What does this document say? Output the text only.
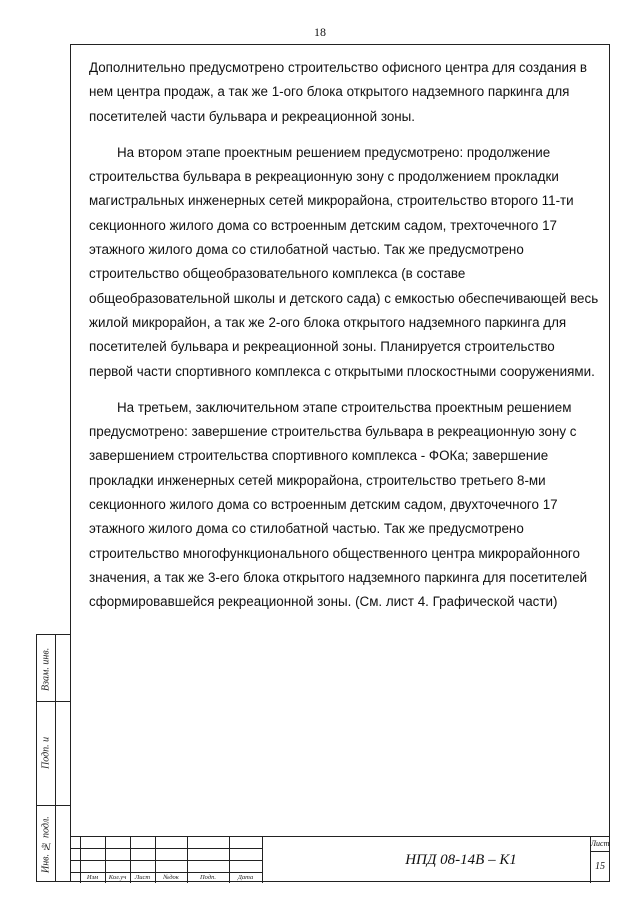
18

Дополнительно предусмотрено строительство офисного центра для создания в нем центра продаж, а так же 1-ого блока открытого надземного паркинга для посетителей части бульвара и рекреационной зоны.

На втором этапе проектным решением предусмотрено: продолжение строительства бульвара в рекреационную зону с продолжением прокладки магистральных инженерных сетей микрорайона, строительство второго 11-ти секционного жилого дома со встроенным детским садом, трехточечного 17 этажного жилого дома со стилобатной частью. Так же предусмотрено строительство общеобразовательного комплекса (в составе общеобразовательной школы и детского сада) с емкостью обеспечивающей весь жилой микрорайон, а так же 2-ого блока открытого надземного паркинга для посетителей бульвара и рекреационной зоны. Планируется строительство первой части спортивного комплекса с открытыми плоскостными сооружениями.

На третьем, заключительном этапе строительства проектным решением предусмотрено: завершение строительства бульвара в рекреационную зону с завершением строительства спортивного комплекса - ФОКа; завершение прокладки инженерных сетей микрорайона, строительство третьего 8-ми секционного жилого дома со встроенным детским садом, двухточечного 17 этажного жилого дома со стилобатной частью. Так же предусмотрено строительство многофункционального общественного центра микрорайонного значения, а так же 3-его блока открытого надземного паркинга для посетителей сформировавшейся рекреационной зоны. (См. лист 4. Графической части)

Взам. инв.
Подп. и
Инв. № подл.
Изм	Кол.уч	Лист	№док	Подп.	Дата
НПД 08-14В – К1
Лист
15
